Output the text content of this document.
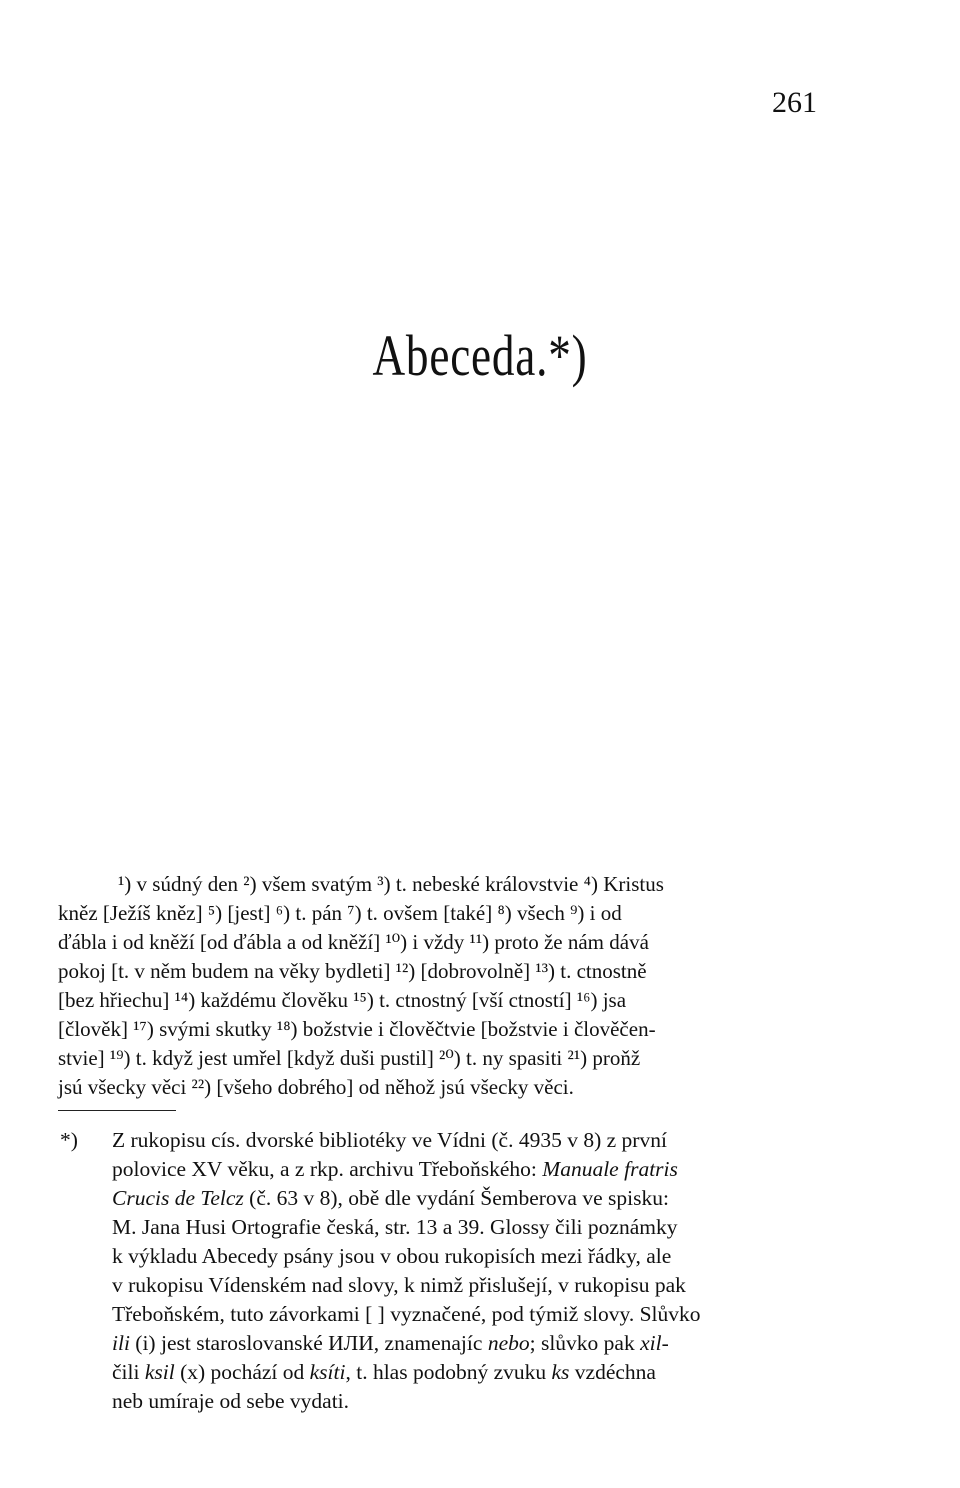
261
Abeceda.*)
¹) v súdný den ²) všem svatým ³) t. nebeské královstvie ⁴) Kristus
kněz [Ježíš kněz] ⁵) [jest] ⁶) t. pán ⁷) t. ovšem [také] ⁸) všech ⁹) i od
ďábla i od kněží [od ďábla a od kněží] ¹⁰) i vždy ¹¹) proto že nám dává
pokoj [t. v něm budem na věky bydleti] ¹²) [dobrovolně] ¹³) t. ctnostně
[bez hřiechu] ¹⁴) každému člověku ¹⁵) t. ctnostný [vší ctností] ¹⁶) jsa
[člověk] ¹⁷) svými skutky ¹⁸) božstvie i člověčtvie [božstvie i člověčen-
stvie] ¹⁹) t. když jest umřel [když duši pustil] ²⁰) t. ny spasiti ²¹) proňž
jsú všecky věci ²²) [všeho dobrého] od něhož jsú všecky věci.
*) Z rukopisu cís. dvorské bibliotéky ve Vídni (č. 4935 v 8) z první
polovice XV věku, a z rkp. archivu Třeboňského: Manuale fratris
Crucis de Telcz (č. 63 v 8), obě dle vydání Šemberova ve spisku:
M. Jana Husi Ortografie česká, str. 13 a 39. Glossy čili poznámky
k výkladu Abecedy psány jsou v obou rukopisích mezi řádky, ale
v rukopisu Vídenském nad slovy, k nimž přislušejí, v rukopisu pak
Třeboňském, tuto závorkami [ ] vyznačené, pod týmiž slovy. Slůvko
ili (i) jest staroslovanské ИЛИ, znamenajíc nebo; slůvko pak xil-
čili ksil (x) pochází od ksíti, t. hlas podobný zvuku ks vzdéchna
neb umíraje od sebe vydati.
